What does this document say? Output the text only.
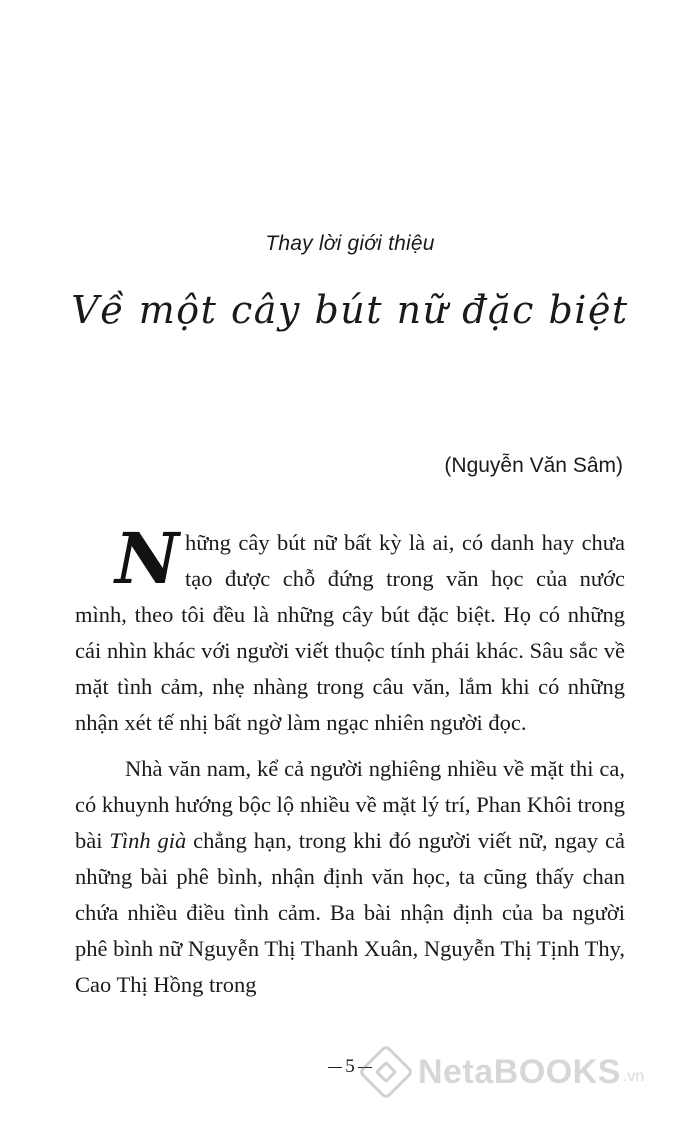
Thay lời giới thiệu
Về một cây bút nữ đặc biệt
(Nguyễn Văn Sâm)

Những cây bút nữ bất kỳ là ai, có danh hay chưa tạo được chỗ đứng trong văn học của nước mình, theo tôi đều là những cây bút đặc biệt. Họ có những cái nhìn khác với người viết thuộc tính phái khác. Sâu sắc về mặt tình cảm, nhẹ nhàng trong câu văn, lắm khi có những nhận xét tế nhị bất ngờ làm ngạc nhiên người đọc.

Nhà văn nam, kể cả người nghiêng nhiều về mặt thi ca, có khuynh hướng bộc lộ nhiều về mặt lý trí, Phan Khôi trong bài Tình già chẳng hạn, trong khi đó người viết nữ, ngay cả những bài phê bình, nhận định văn học, ta cũng thấy chan chứa nhiều điều tình cảm. Ba bài nhận định của ba người phê bình nữ Nguyễn Thị Thanh Xuân, Nguyễn Thị Tịnh Thy, Cao Thị Hồng trong

5	NetaBOOKS .vn
